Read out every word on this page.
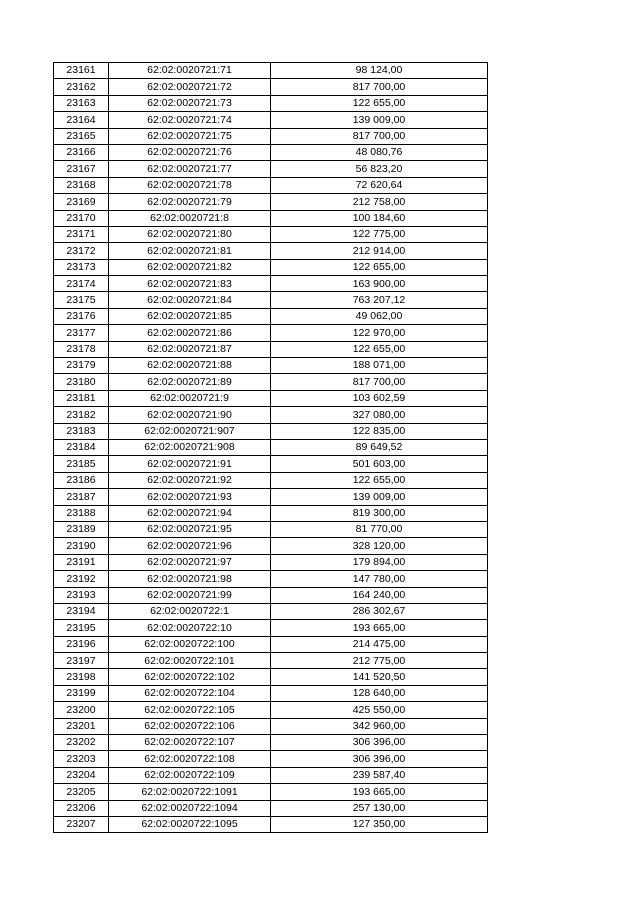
23161	62:02:0020721:71	98 124,00
23162	62:02:0020721:72	817 700,00
23163	62:02:0020721:73	122 655,00
23164	62:02:0020721:74	139 009,00
23165	62:02:0020721:75	817 700,00
23166	62:02:0020721:76	48 080,76
23167	62:02:0020721:77	56 823,20
23168	62:02:0020721:78	72 620,64
23169	62:02:0020721:79	212 758,00
23170	62:02:0020721:8	100 184,60
23171	62:02:0020721:80	122 775,00
23172	62:02:0020721:81	212 914,00
23173	62:02:0020721:82	122 655,00
23174	62:02:0020721:83	163 900,00
23175	62:02:0020721:84	763 207,12
23176	62:02:0020721:85	49 062,00
23177	62:02:0020721:86	122 970,00
23178	62:02:0020721:87	122 655,00
23179	62:02:0020721:88	188 071,00
23180	62:02:0020721:89	817 700,00
23181	62:02:0020721:9	103 602,59
23182	62:02:0020721:90	327 080,00
23183	62:02:0020721:907	122 835,00
23184	62:02:0020721:908	89 649,52
23185	62:02:0020721:91	501 603,00
23186	62:02:0020721:92	122 655,00
23187	62:02:0020721:93	139 009,00
23188	62:02:0020721:94	819 300,00
23189	62:02:0020721:95	81 770,00
23190	62:02:0020721:96	328 120,00
23191	62:02:0020721:97	179 894,00
23192	62:02:0020721:98	147 780,00
23193	62:02:0020721:99	164 240,00
23194	62:02:0020722:1	286 302,67
23195	62:02:0020722:10	193 665,00
23196	62:02:0020722:100	214 475,00
23197	62:02:0020722:101	212 775,00
23198	62:02:0020722:102	141 520,50
23199	62:02:0020722:104	128 640,00
23200	62:02:0020722:105	425 550,00
23201	62:02:0020722:106	342 960,00
23202	62:02:0020722:107	306 396,00
23203	62:02:0020722:108	306 396,00
23204	62:02:0020722:109	239 587,40
23205	62:02:0020722:1091	193 665,00
23206	62:02:0020722:1094	257 130,00
23207	62:02:0020722:1095	127 350,00
